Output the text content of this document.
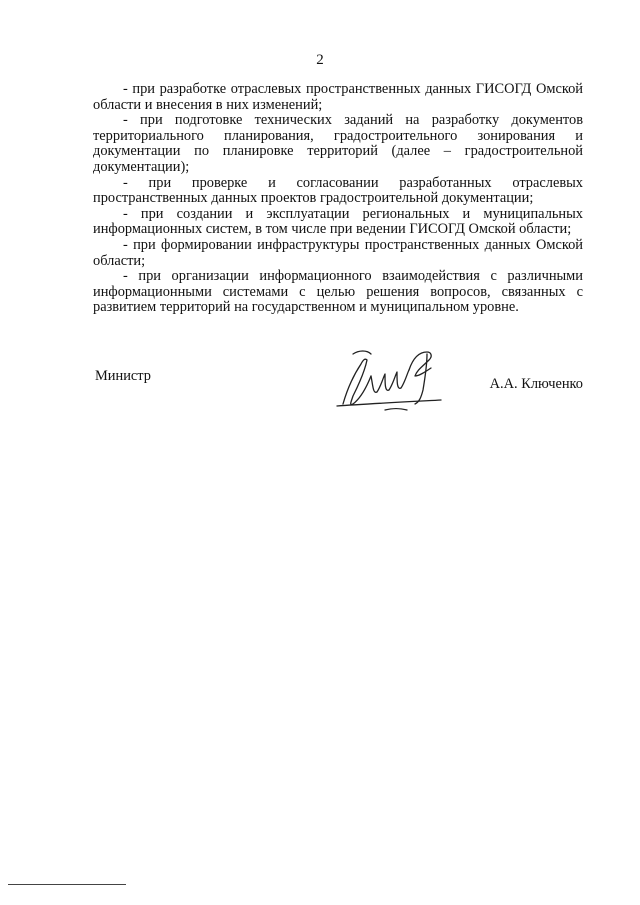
2

- при разработке отраслевых пространственных данных ГИСОГД Омской области и внесения в них изменений;

- при подготовке технических заданий на разработку документов территориального планирования, градостроительного зонирования и документации по планировке территорий (далее – градостроительной документации);

- при проверке и согласовании разработанных отраслевых пространственных данных проектов градостроительной документации;

- при создании и эксплуатации региональных и муниципальных информационных систем, в том числе при ведении ГИСОГД Омской области;

- при формировании инфраструктуры пространственных данных Омской области;

- при организации информационного взаимодействия с различными информационными системами с целью решения вопросов, связанных с развитием территорий на государственном и муниципальном уровне.

Министр	А.А. Ключенко
